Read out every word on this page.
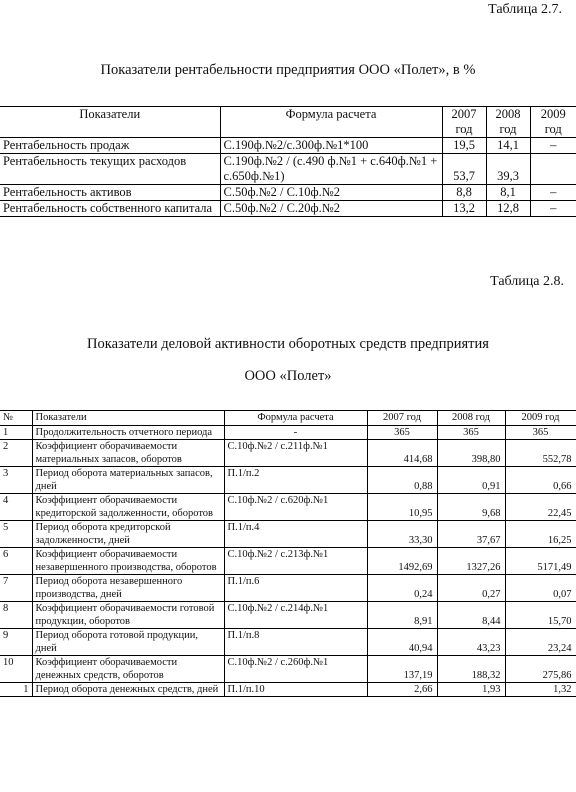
Таблица 2.7.
Показатели рентабельности предприятия ООО «Полет», в %
Показатели	Формула расчета	2007 год	2008 год	2009 год
Рентабельность продаж	С.190ф.№2/с.300ф.№1*100	19,5	14,1	–
Рентабельность текущих расходов	С.190ф.№2 / (с.490 ф.№1 + с.640ф.№1 + с.650ф.№1)	53,7	39,3	
Рентабельность активов	С.50ф.№2 / С.10ф.№2	8,8	8,1	–
Рентабельность собственного капитала	С.50ф.№2 / С.20ф.№2	13,2	12,8	–
Таблица 2.8.
Показатели деловой активности оборотных средств предприятия
ООО «Полет»
№	Показатели	Формула расчета	2007 год	2008 год	2009 год
1	Продолжительность отчетного периода	-	365	365	365
2	Коэффициент оборачиваемости материальных запасов, оборотов	С.10ф.№2 / с.211ф.№1	414,68	398,80	552,78
3	Период оборота материальных запасов, дней	П.1/п.2	0,88	0,91	0,66
4	Коэффициент оборачиваемости кредиторской задолженности, оборотов	С.10ф.№2 / с.620ф.№1	10,95	9,68	22,45
5	Период оборота кредиторской задолженности, дней	П.1/п.4	33,30	37,67	16,25
6	Коэффициент оборачиваемости незавершенного производства, оборотов	С.10ф.№2 / с.213ф.№1	1492,69	1327,26	5171,49
7	Период оборота незавершенного производства, дней	П.1/п.6	0,24	0,27	0,07
8	Коэффициент оборачиваемости готовой продукции, оборотов	С.10ф.№2 / с.214ф.№1	8,91	8,44	15,70
9	Период оборота готовой продукции, дней	П.1/п.8	40,94	43,23	23,24
10	Коэффициент оборачиваемости денежных средств, оборотов	С.10ф.№2 / с.260ф.№1	137,19	188,32	275,86
1	Период оборота денежных средств, дней	П.1/п.10	2,66	1,93	1,32
